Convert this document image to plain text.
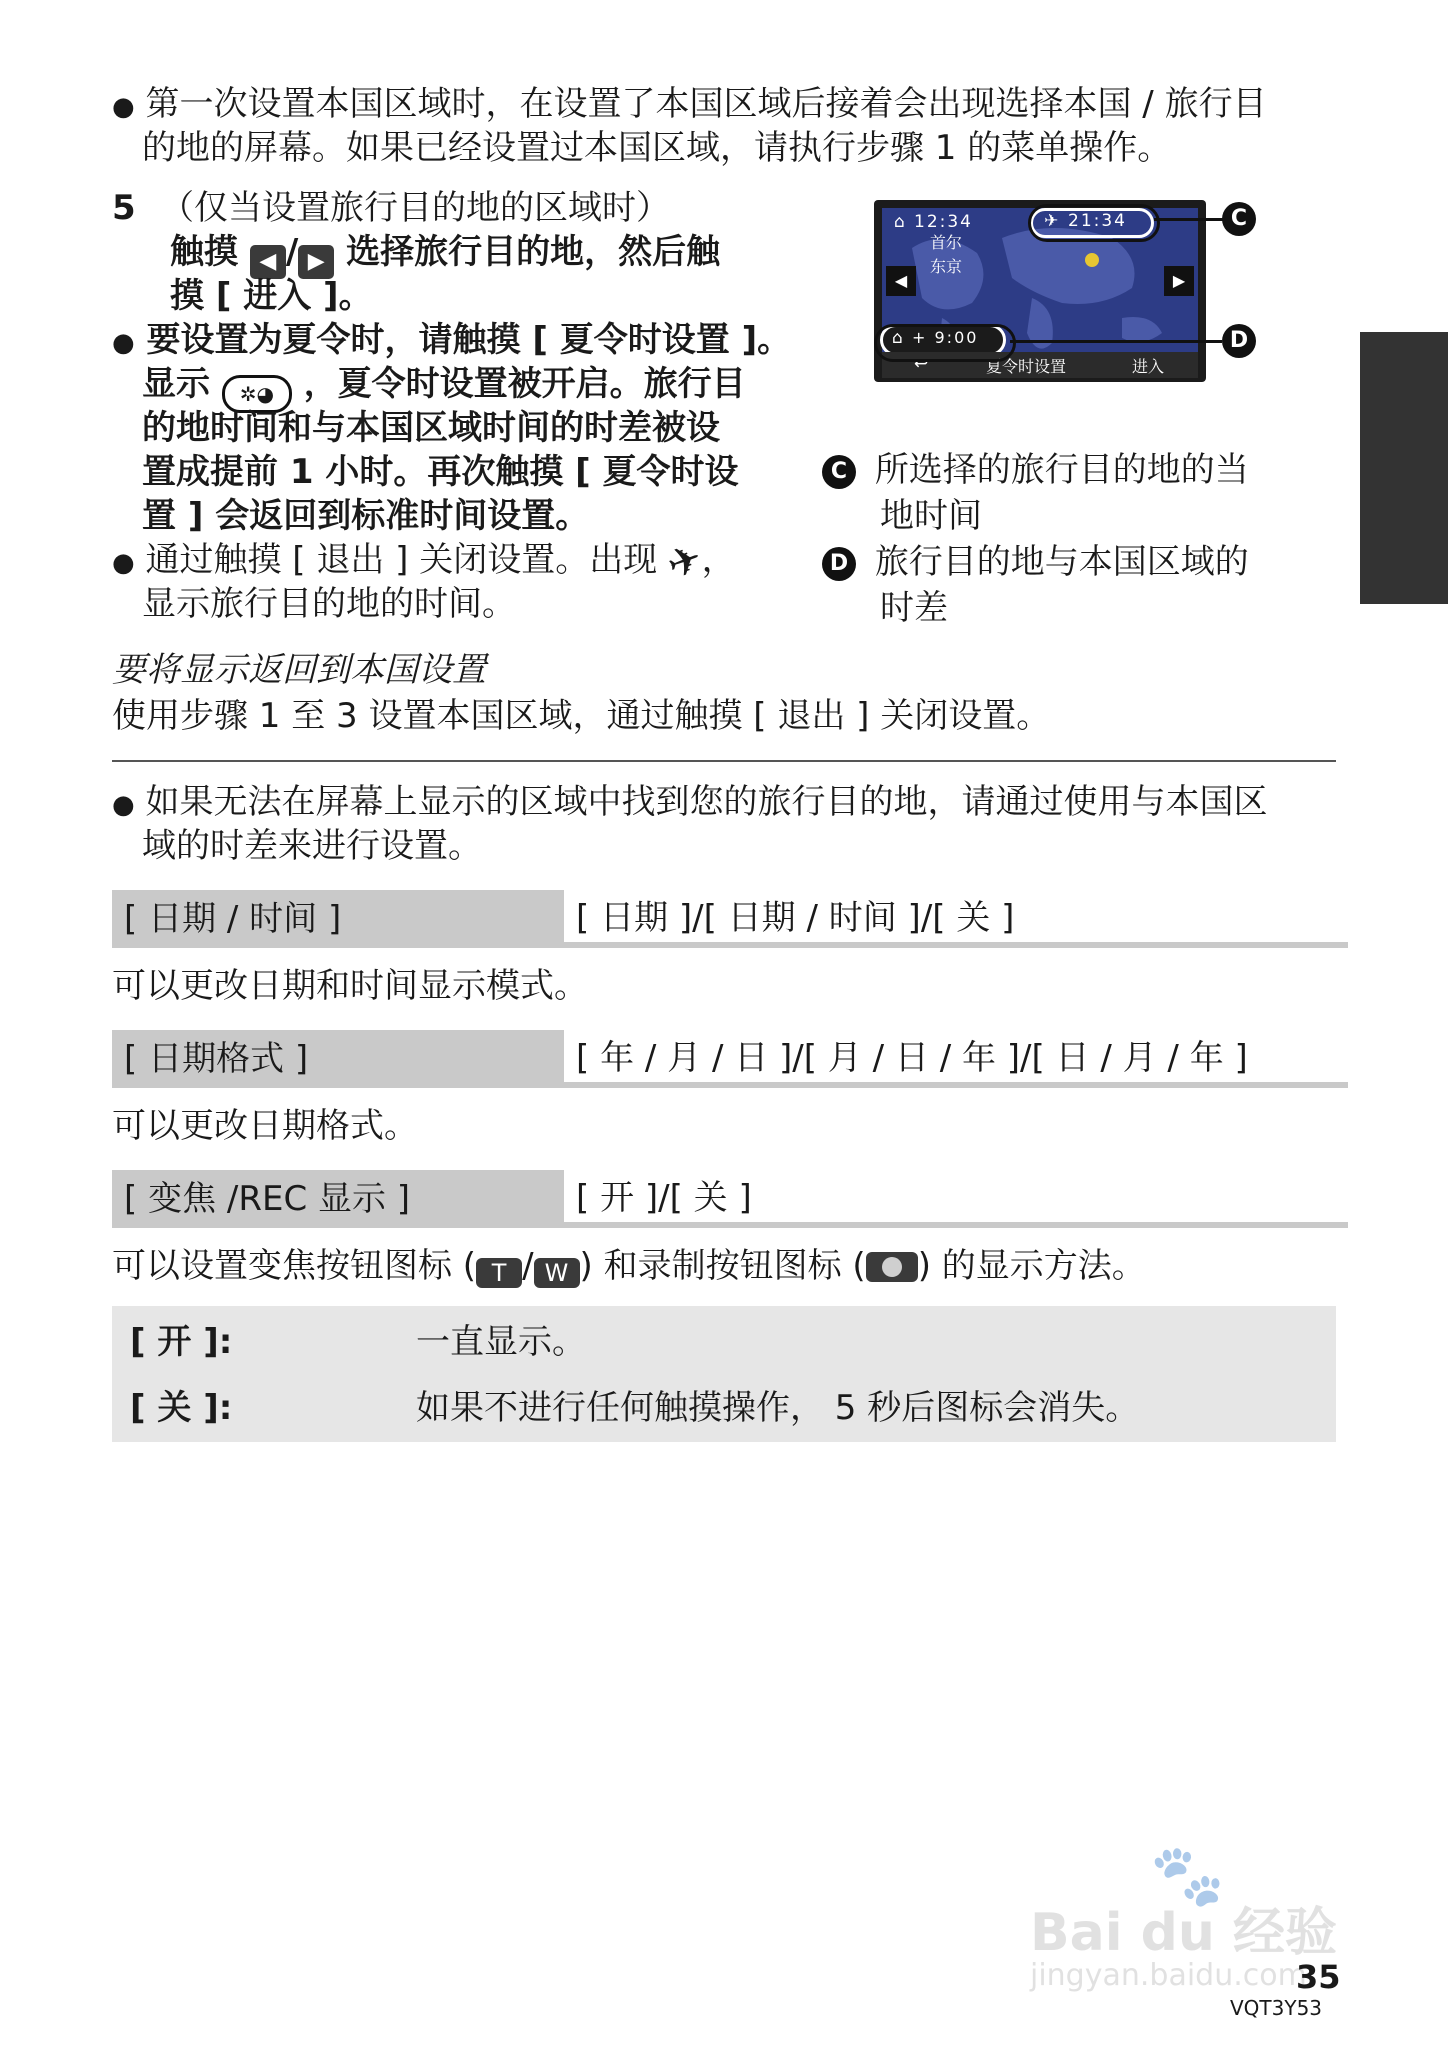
● 第一次设置本国区域时，在设置了本国区域后接着会出现选择本国 / 旅行目
的地的屏幕。如果已经设置过本国区域，请执行步骤 1 的菜单操作。
5 （仅当设置旅行目的地的区域时）
触摸 ◀ / ▶ 选择旅行目的地，然后触
摸 [ 进入 ]。
● 要设置为夏令时，请触摸 [ 夏令时设置 ]。
显示 ✲◕ ，夏令时设置被开启。旅行目
的地时间和与本国区域时间的时差被设
置成提前 1 小时。再次触摸 [ 夏令时设
置 ] 会返回到标准时间设置。
● 通过触摸 [ 退出 ] 关闭设置。出现 ✈，
显示旅行目的地的时间。
⌂ 12:34	✈ 21:34
首尔
东京
◀	▶
⌂ + 9:00
↩	夏令时设置	进入
C
D
C 所选择的旅行目的地的当
地时间
D 旅行目的地与本国区域的
时差
要将显示返回到本国设置
使用步骤 1 至 3 设置本国区域，通过触摸 [ 退出 ] 关闭设置。
● 如果无法在屏幕上显示的区域中找到您的旅行目的地，请通过使用与本国区
域的时差来进行设置。
[ 日期 / 时间 ]	[ 日期 ]/[ 日期 / 时间 ]/[ 关 ]
可以更改日期和时间显示模式。
[ 日期格式 ]	[ 年 / 月 / 日 ]/[ 月 / 日 / 年 ]/[ 日 / 月 / 年 ]
可以更改日期格式。
[ 变焦 /REC 显示 ]	[ 开 ]/[ 关 ]
可以设置变焦按钮图标 ( T / W ) 和录制按钮图标 ( ) 的显示方法。
[ 开 ]:	一直显示。
[ 关 ]:	如果不进行任何触摸操作， 5 秒后图标会消失。
🐾
Bai du 经验
jingyan.baidu.com
35
VQT3Y53
